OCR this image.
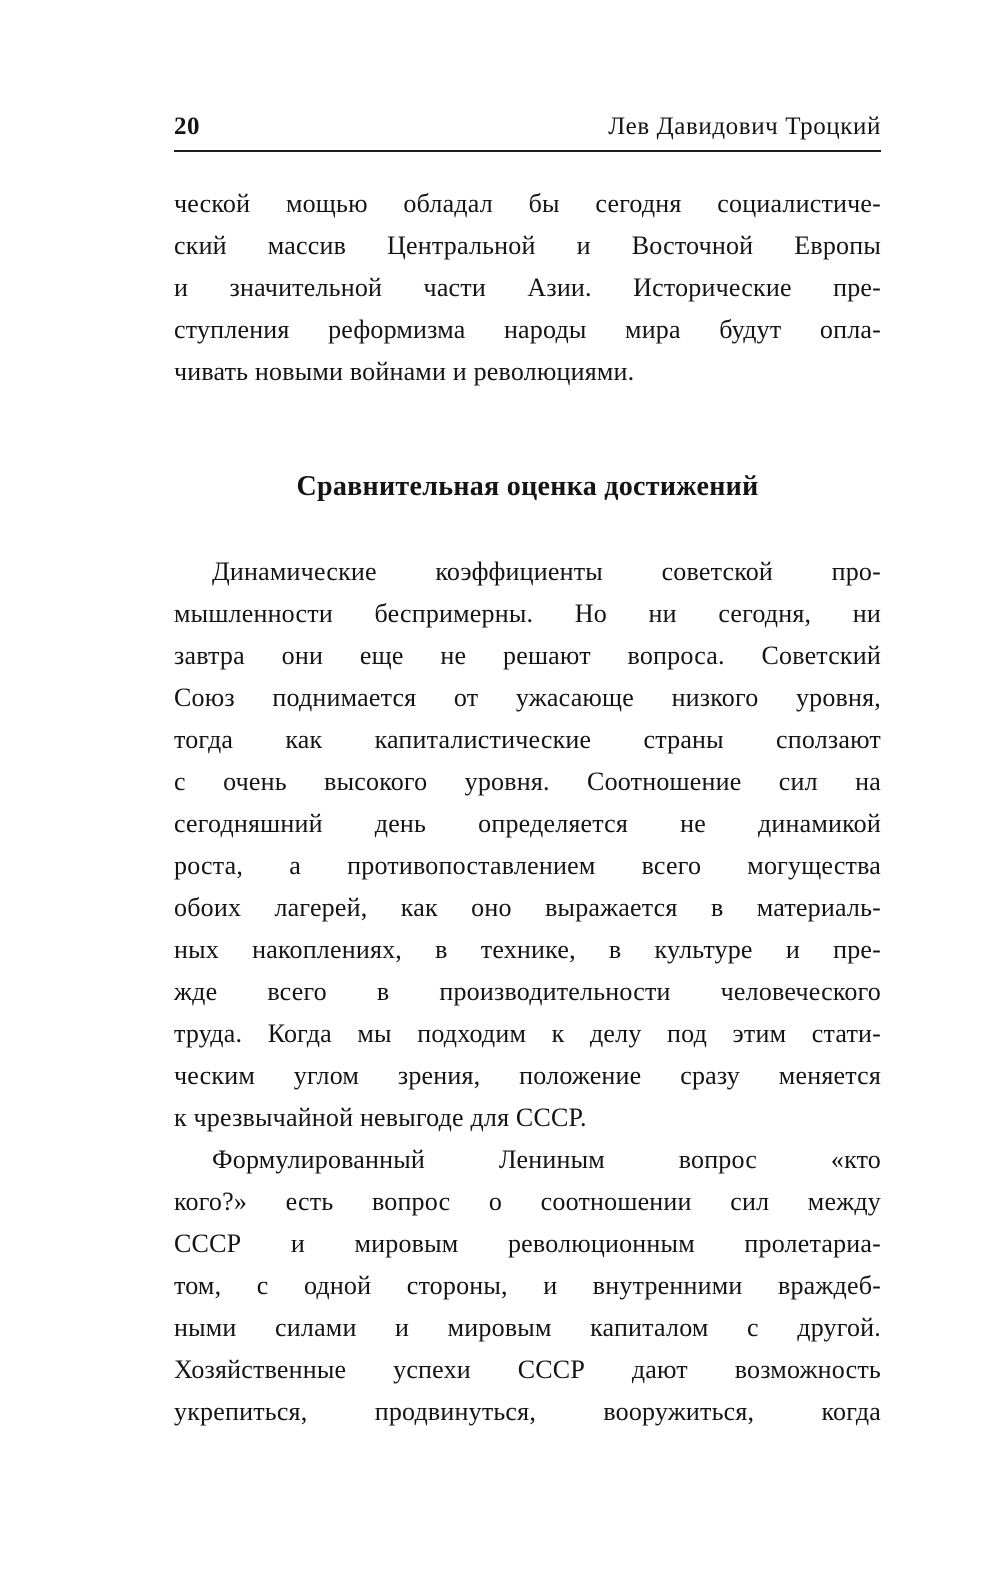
20	Лев Давидович Троцкий
ческой мощью обладал бы сегодня социалистиче-
ский массив Центральной и Восточной Европы
и значительной части Азии. Исторические пре-
ступления реформизма народы мира будут опла-
чивать новыми войнами и революциями.
Сравнительная оценка достижений
Динамические коэффициенты советской про-
мышленности беспримерны. Но ни сегодня, ни
завтра они еще не решают вопроса. Советский
Союз поднимается от ужасающе низкого уровня,
тогда как капиталистические страны сползают
с очень высокого уровня. Соотношение сил на
сегодняшний день определяется не динамикой
роста, а противопоставлением всего могущества
обоих лагерей, как оно выражается в материаль-
ных накоплениях, в технике, в культуре и пре-
жде всего в производительности человеческого
труда. Когда мы подходим к делу под этим стати-
ческим углом зрения, положение сразу меняется
к чрезвычайной невыгоде для СССР.
Формулированный Лениным вопрос «кто
кого?» есть вопрос о соотношении сил между
СССР и мировым революционным пролетариа-
том, с одной стороны, и внутренними враждеб-
ными силами и мировым капиталом с другой.
Хозяйственные успехи СССР дают возможность
укрепиться, продвинуться, вооружиться, когда
